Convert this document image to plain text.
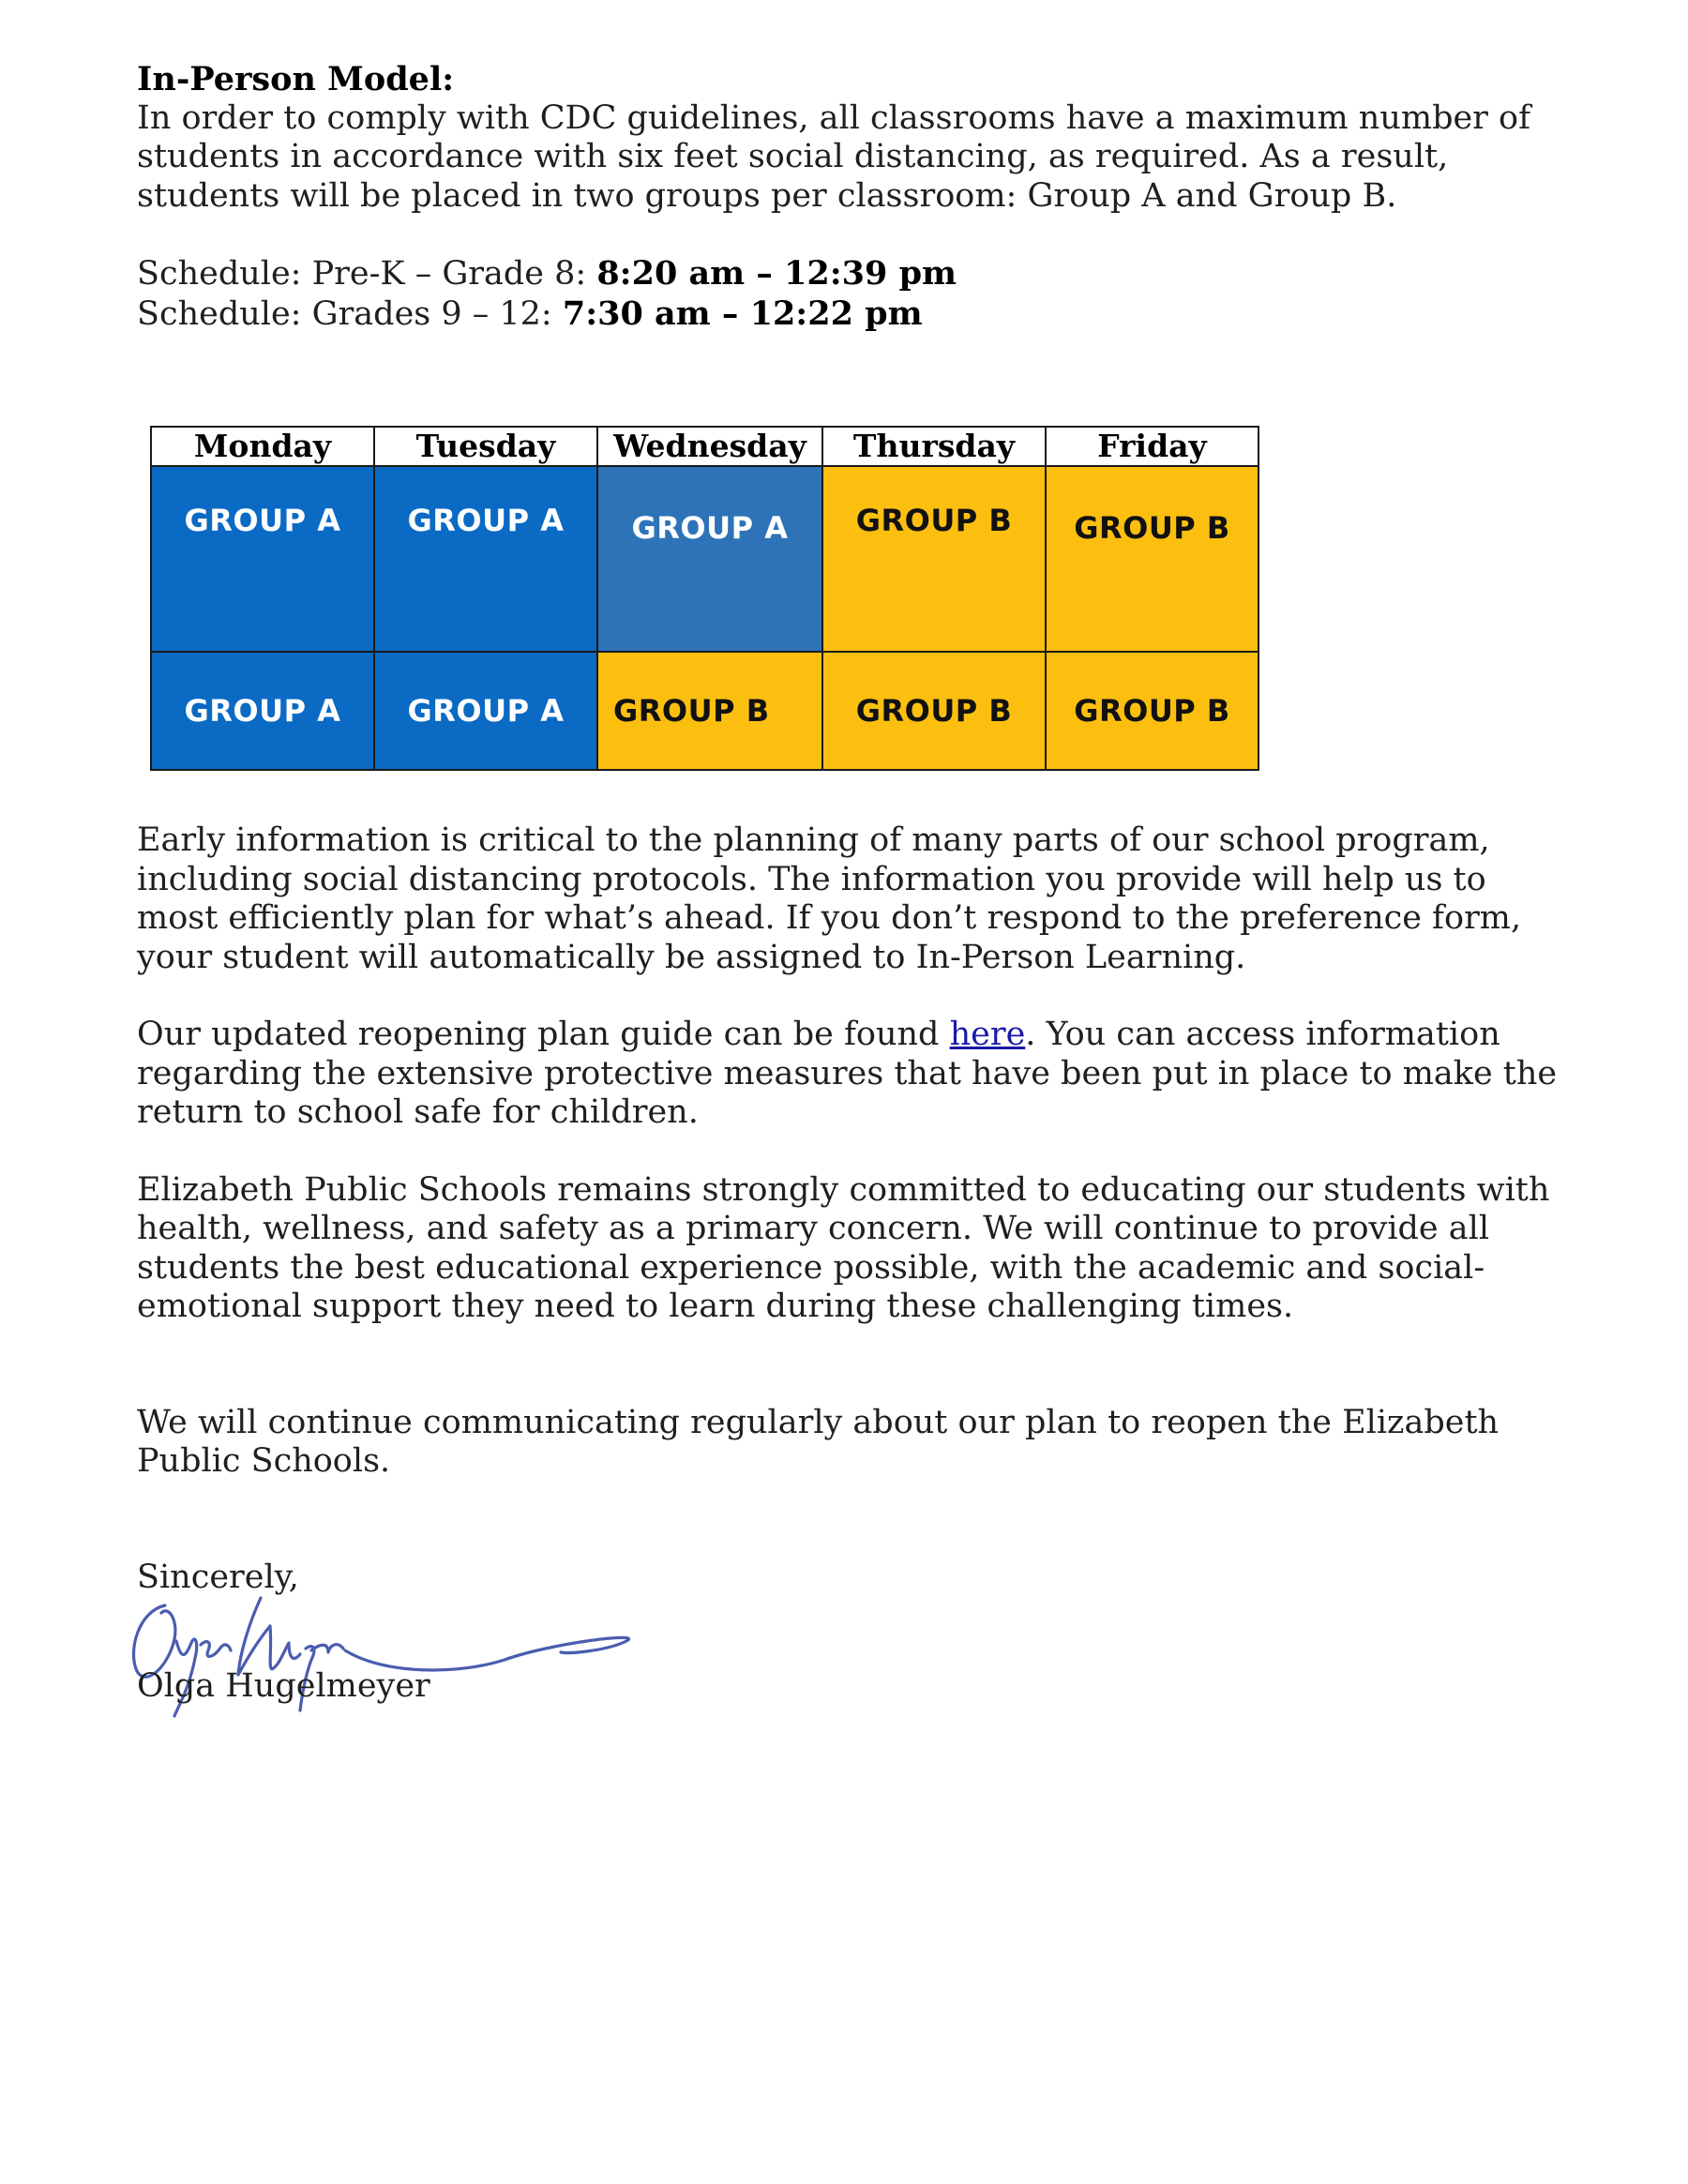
In-Person Model:

In order to comply with CDC guidelines, all classrooms have a maximum number of

students in accordance with six feet social distancing, as required. As a result,

students will be placed in two groups per classroom: Group A and Group B.

Schedule: Pre-K – Grade 8: 8:20 am – 12:39 pm

Schedule: Grades 9 – 12: 7:30 am – 12:22 pm

Monday	Tuesday	Wednesday	Thursday	Friday
GROUP A	GROUP A	GROUP A	GROUP B	GROUP B
GROUP A	GROUP A	GROUP B	GROUP B	GROUP B

Early information is critical to the planning of many parts of our school program,

including social distancing protocols. The information you provide will help us to

most efficiently plan for what’s ahead. If you don’t respond to the preference form,

your student will automatically be assigned to In-Person Learning.

Our updated reopening plan guide can be found here. You can access information

regarding the extensive protective measures that have been put in place to make the

return to school safe for children.

Elizabeth Public Schools remains strongly committed to educating our students with

health, wellness, and safety as a primary concern. We will continue to provide all

students the best educational experience possible, with the academic and social-

emotional support they need to learn during these challenging times.

We will continue communicating regularly about our plan to reopen the Elizabeth

Public Schools.

Sincerely,

Olga Hugelmeyer
